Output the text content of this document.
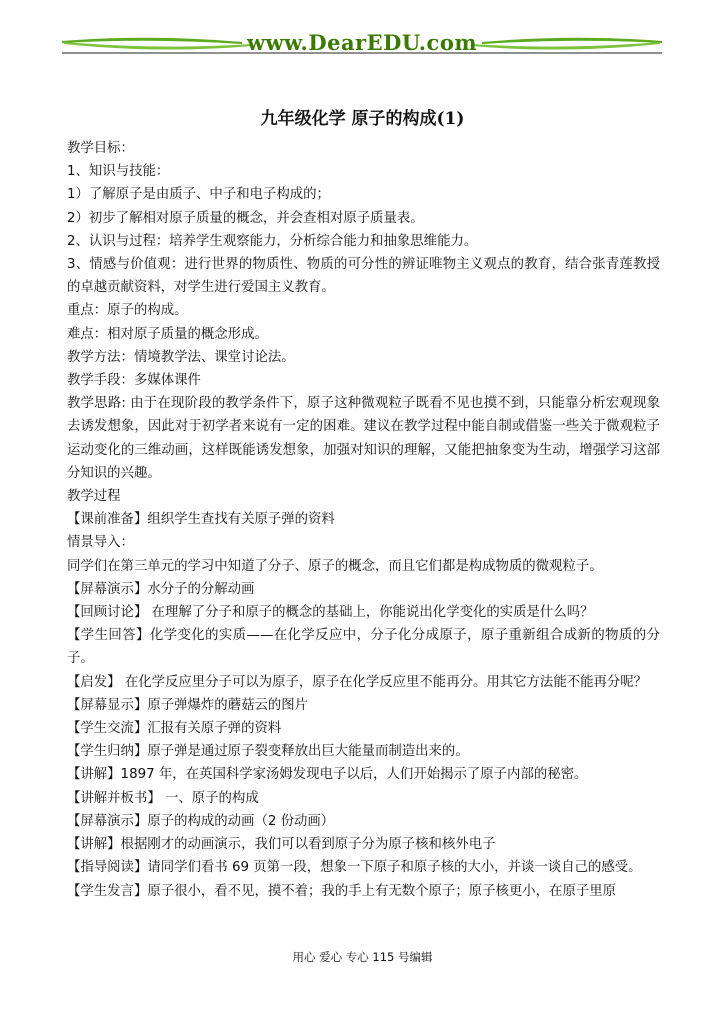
www.DearEDU.com
九年级化学 原子的构成(1)

教学目标：

1、知识与技能：

1）了解原子是由质子、中子和电子构成的；

2）初步了解相对原子质量的概念，并会查相对原子质量表。

2、认识与过程：培养学生观察能力，分析综合能力和抽象思维能力。

3、情感与价值观：进行世界的物质性、物质的可分性的辨证唯物主义观点的教育，结合张青莲教授的卓越贡献资料，对学生进行爱国主义教育。

重点：原子的构成。

难点：相对原子质量的概念形成。

教学方法：情境教学法、课堂讨论法。

教学手段：多媒体课件

教学思路: 由于在现阶段的教学条件下，原子这种微观粒子既看不见也摸不到，只能靠分析宏观现象去诱发想象，因此对于初学者来说有一定的困难。建议在教学过程中能自制或借鉴一些关于微观粒子运动变化的三维动画，这样既能诱发想象，加强对知识的理解，又能把抽象变为生动，增强学习这部分知识的兴趣。

教学过程

【课前准备】组织学生查找有关原子弹的资料

情景导入：

同学们在第三单元的学习中知道了分子、原子的概念，而且它们都是构成物质的微观粒子。

【屏幕演示】水分子的分解动画

【回顾讨论】 在理解了分子和原子的概念的基础上，你能说出化学变化的实质是什么吗？

【学生回答】化学变化的实质——在化学反应中，分子化分成原子，原子重新组合成新的物质的分子。

【启发】 在化学反应里分子可以为原子，原子在化学反应里不能再分。用其它方法能不能再分呢？

【屏幕显示】原子弹爆炸的蘑菇云的图片

【学生交流】汇报有关原子弹的资料

【学生归纳】原子弹是通过原子裂变释放出巨大能量而制造出来的。

【讲解】1897 年，在英国科学家汤姆发现电子以后，人们开始揭示了原子内部的秘密。

【讲解并板书】 一、原子的构成

【屏幕演示】原子的构成的动画（2 份动画）

【讲解】根据刚才的动画演示，我们可以看到原子分为原子核和核外电子

【指导阅读】请同学们看书 69 页第一段，想象一下原子和原子核的大小，并谈一谈自己的感受。

【学生发言】原子很小，看不见，摸不着；我的手上有无数个原子；原子核更小，在原子里原

用心 爱心 专心 115 号编辑
